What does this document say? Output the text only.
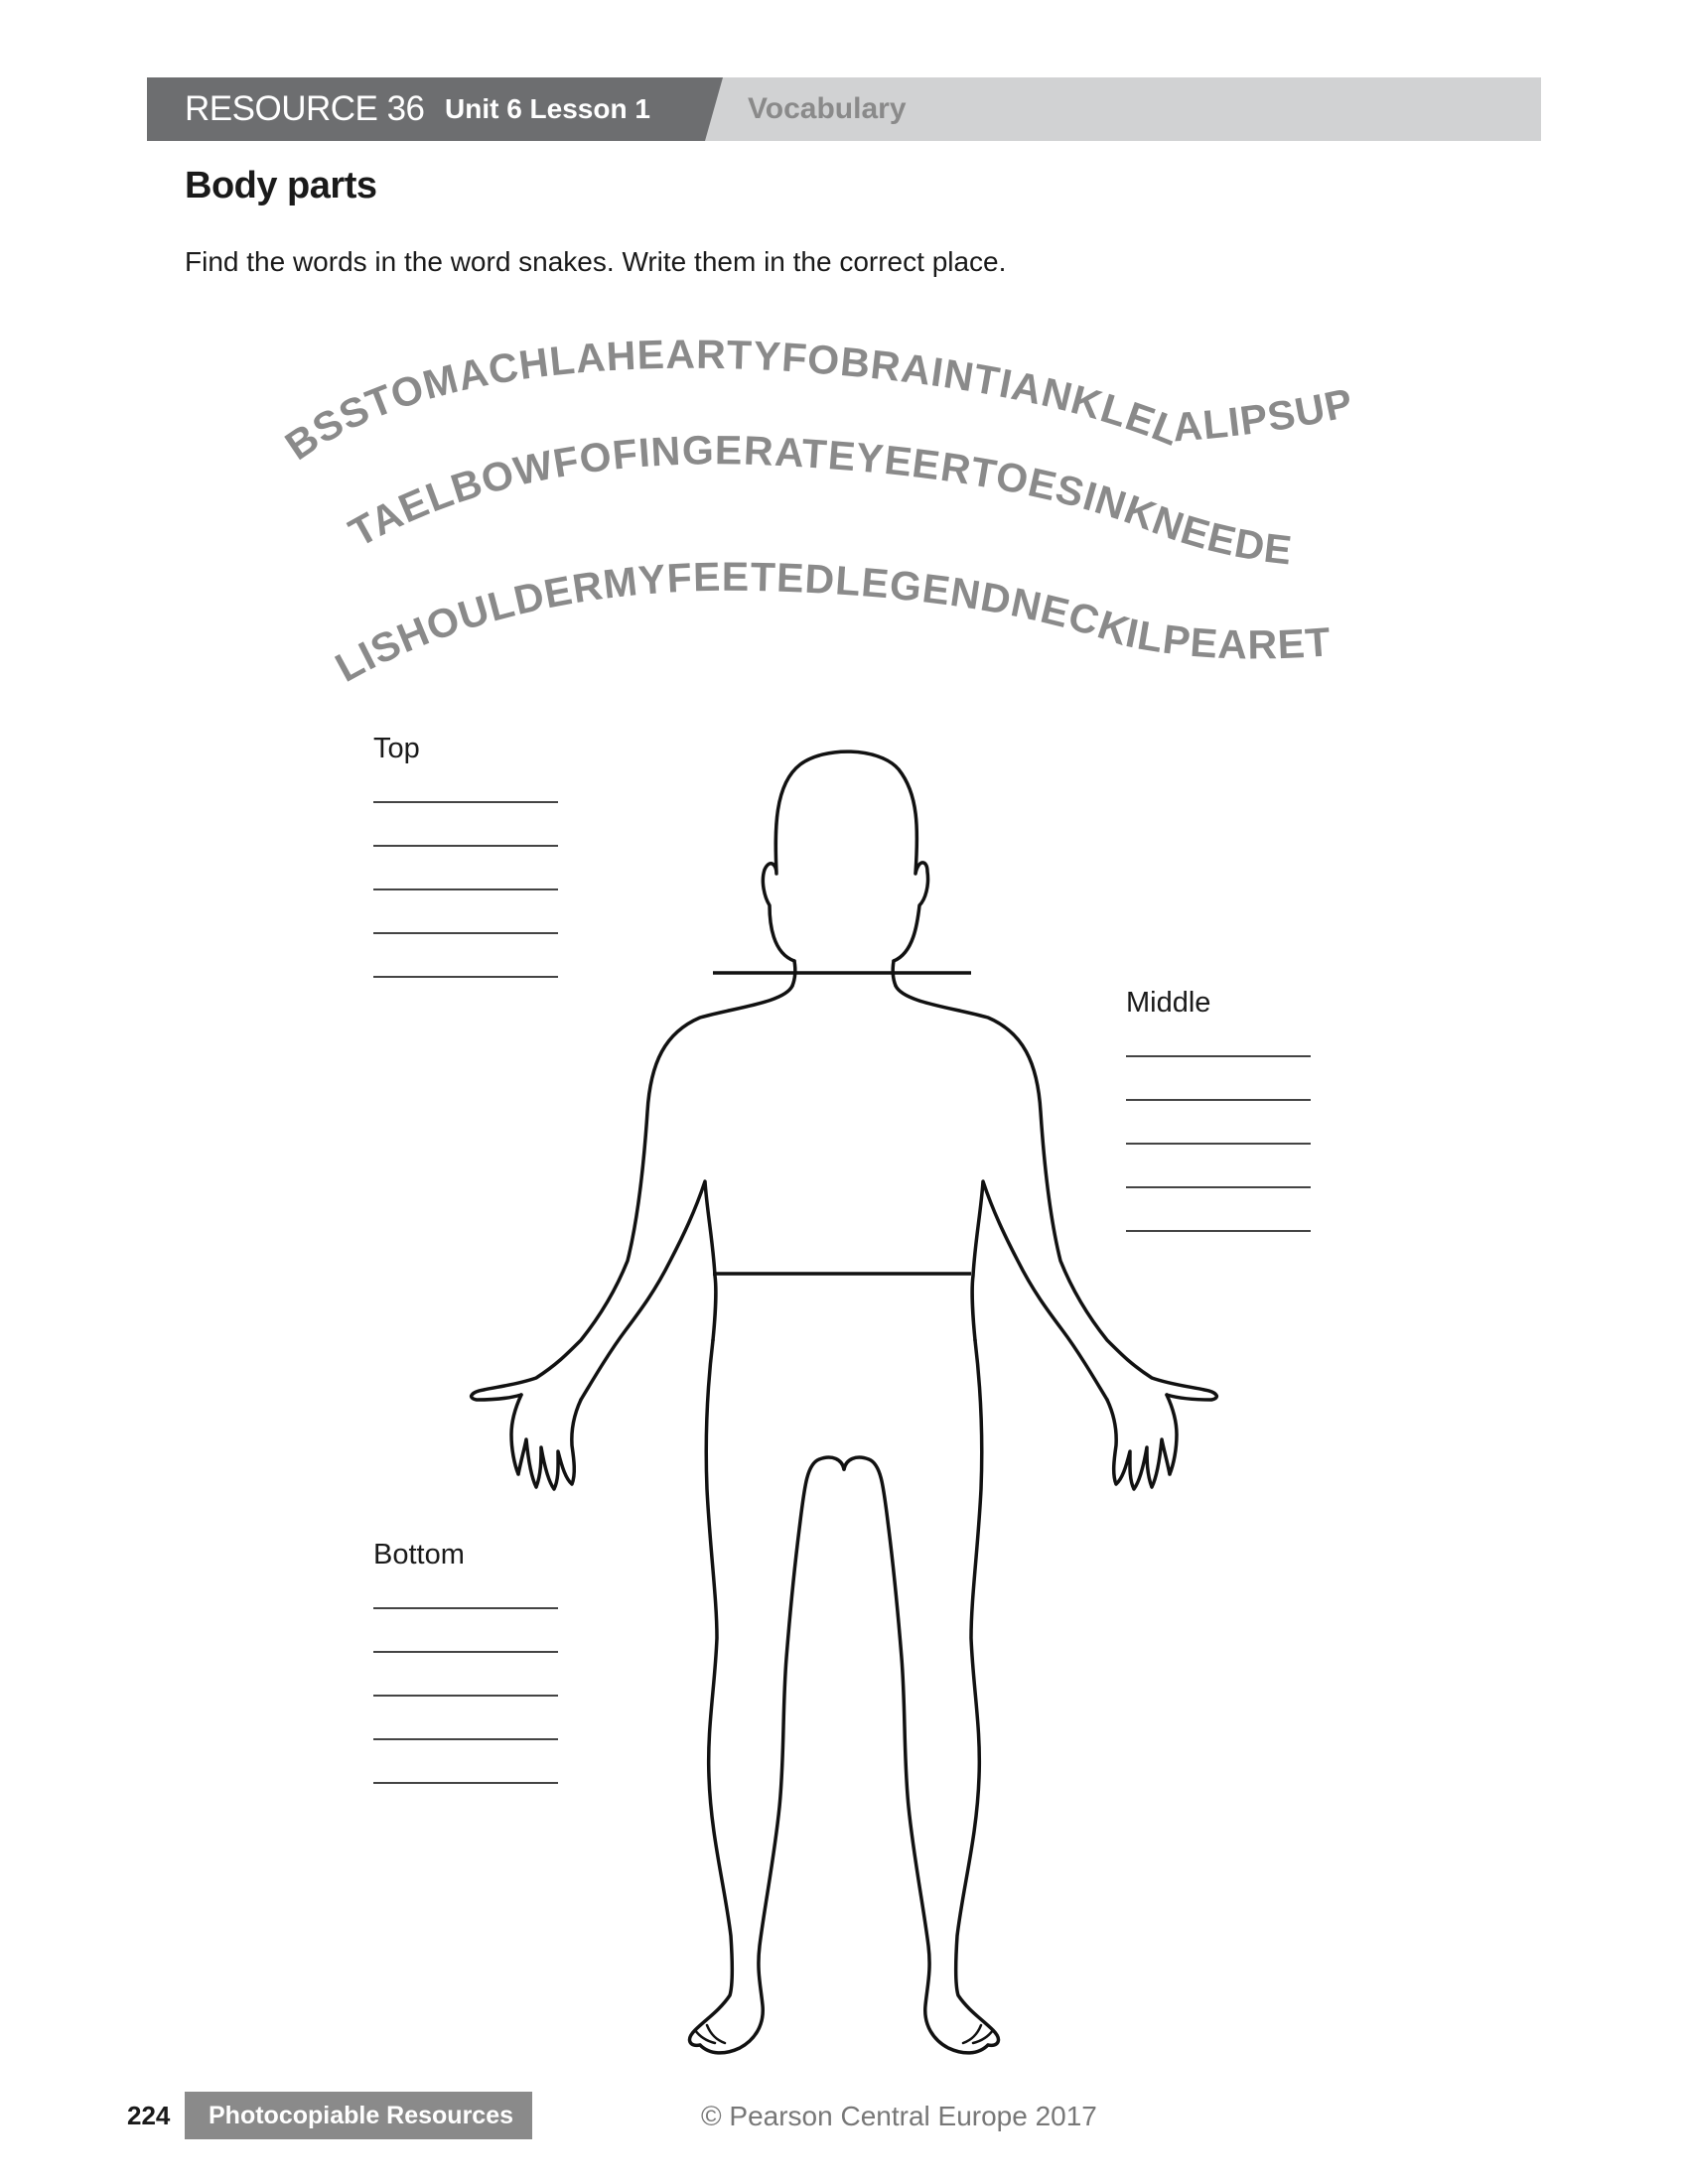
RESOURCE 36 Unit 6 Lesson 1	Vocabulary
Body parts
Find the words in the word snakes. Write them in the correct place.
BSSTOMACHLAHEARTYFOBRAINTIANKLELALIPSUP
TAELBOWFOFINGERATEYEERTOESINKNEEDE
LISHOULDERMYFEETEDLEGENDNECKILPEARET
Top
Middle
Bottom
224 Photocopiable Resources	© Pearson Central Europe 2017
